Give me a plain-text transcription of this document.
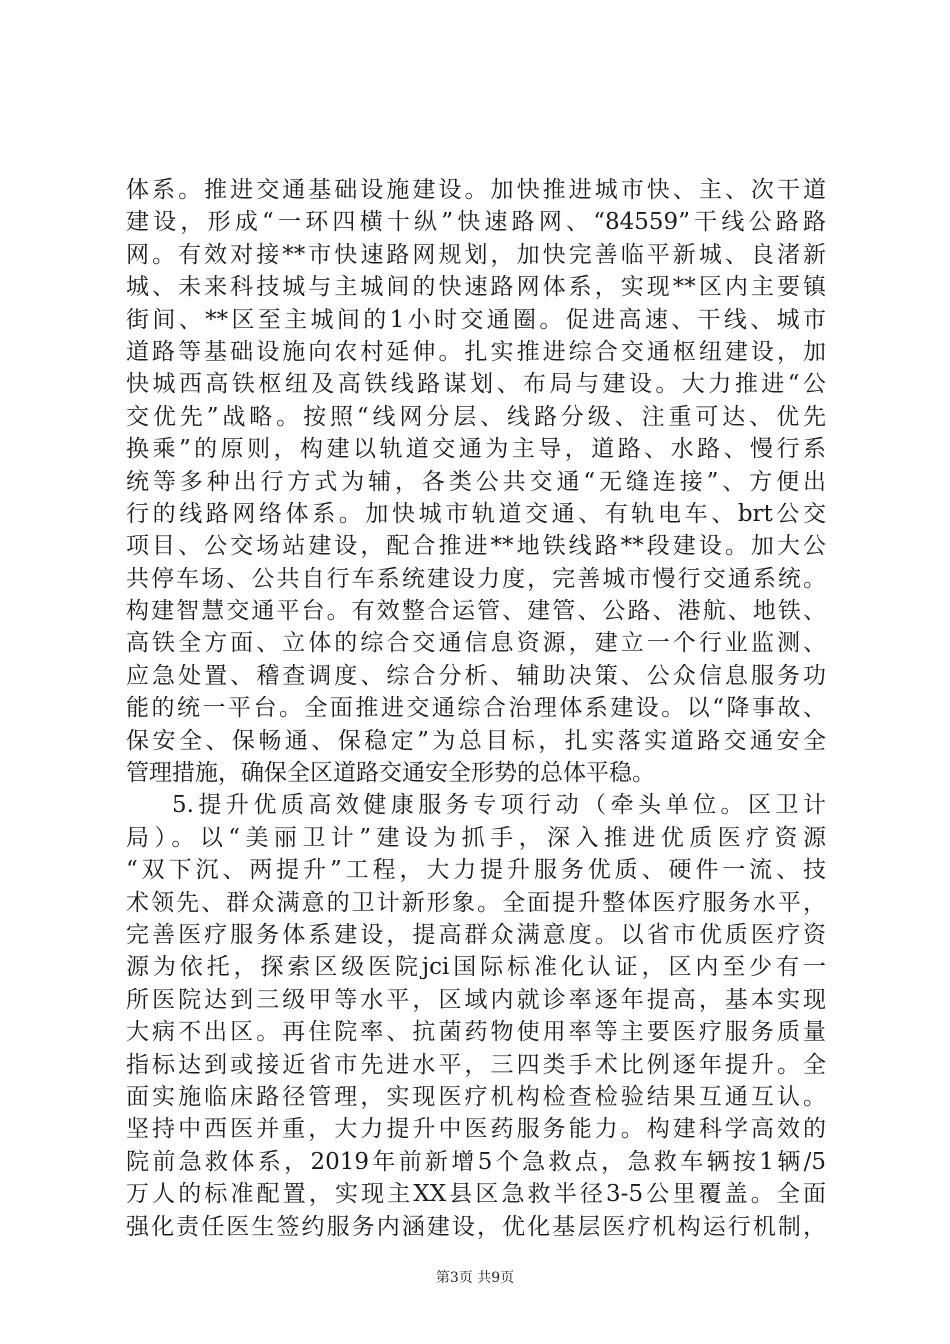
体系。推进交通基础设施建设。加快推进城市快、主、次干道
建设，形成“一环四横十纵”快速路网、“84559”干线公路路
网。有效对接**市快速路网规划，加快完善临平新城、良渚新
城、未来科技城与主城间的快速路网体系，实现**区内主要镇
街间、**区至主城间的1小时交通圈。促进高速、干线、城市
道路等基础设施向农村延伸。扎实推进综合交通枢纽建设，加
快城西高铁枢纽及高铁线路谋划、布局与建设。大力推进“公
交优先”战略。按照“线网分层、线路分级、注重可达、优先
换乘”的原则，构建以轨道交通为主导，道路、水路、慢行系
统等多种出行方式为辅，各类公共交通“无缝连接”、方便出
行的线路网络体系。加快城市轨道交通、有轨电车、brt公交
项目、公交场站建设，配合推进**地铁线路**段建设。加大公
共停车场、公共自行车系统建设力度，完善城市慢行交通系统。
构建智慧交通平台。有效整合运管、建管、公路、港航、地铁、
高铁全方面、立体的综合交通信息资源，建立一个行业监测、
应急处置、稽查调度、综合分析、辅助决策、公众信息服务功
能的统一平台。全面推进交通综合治理体系建设。以“降事故、
保安全、保畅通、保稳定”为总目标，扎实落实道路交通安全
管理措施，确保全区道路交通安全形势的总体平稳。
5.提升优质高效健康服务专项行动（牵头单位。区卫计
局）。以“美丽卫计”建设为抓手，深入推进优质医疗资源
“双下沉、两提升”工程，大力提升服务优质、硬件一流、技
术领先、群众满意的卫计新形象。全面提升整体医疗服务水平，
完善医疗服务体系建设，提高群众满意度。以省市优质医疗资
源为依托，探索区级医院jci国际标准化认证，区内至少有一
所医院达到三级甲等水平，区域内就诊率逐年提高，基本实现
大病不出区。再住院率、抗菌药物使用率等主要医疗服务质量
指标达到或接近省市先进水平，三四类手术比例逐年提升。全
面实施临床路径管理，实现医疗机构检查检验结果互通互认。
坚持中西医并重，大力提升中医药服务能力。构建科学高效的
院前急救体系，2019年前新增5个急救点，急救车辆按1辆/5
万人的标准配置，实现主XX县区急救半径3-5公里覆盖。全面
强化责任医生签约服务内涵建设，优化基层医疗机构运行机制，
第3页 共9页
